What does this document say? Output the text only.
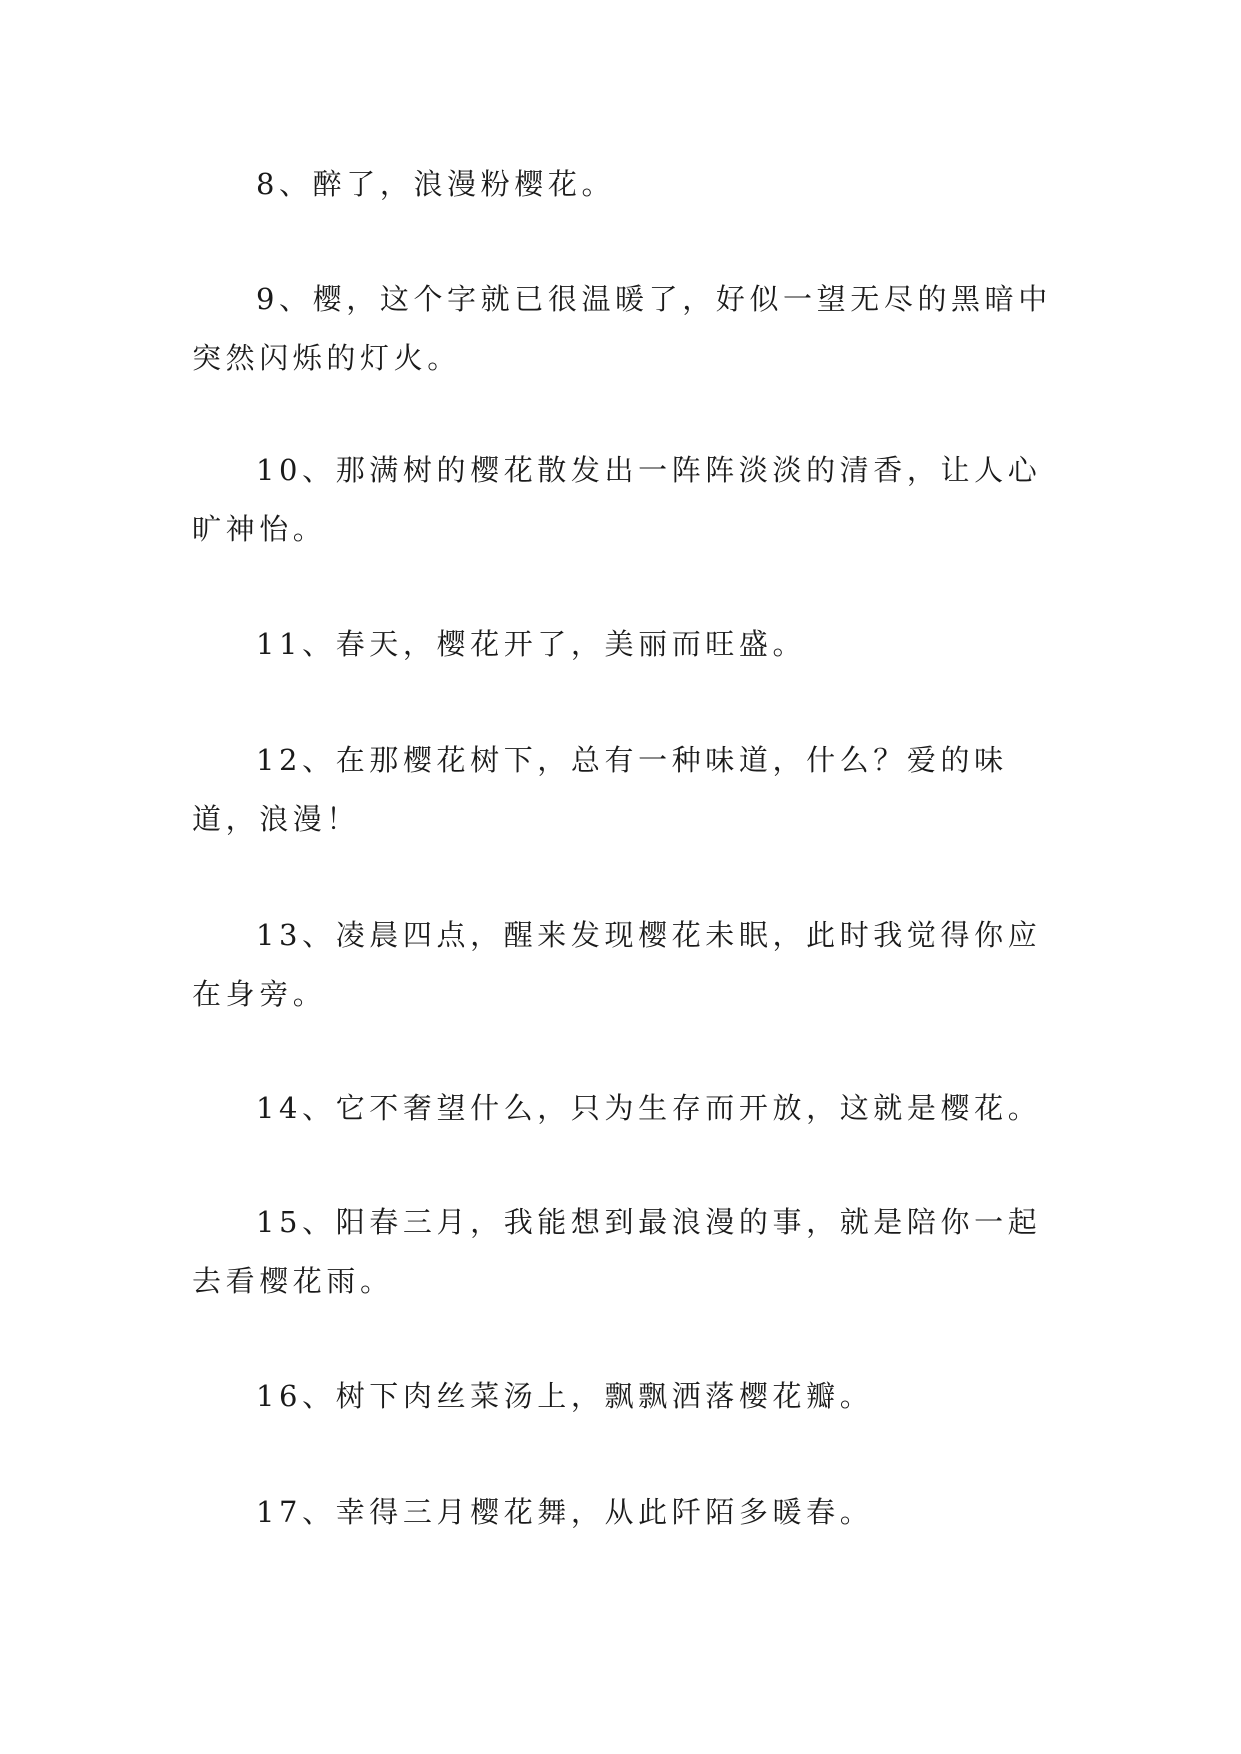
8、醉了，浪漫粉樱花。

9、樱，这个字就已很温暖了，好似一望无尽的黑暗中突然闪烁的灯火。

10、那满树的樱花散发出一阵阵淡淡的清香，让人心旷神怡。

11、春天，樱花开了，美丽而旺盛。

12、在那樱花树下，总有一种味道，什么？爱的味道，浪漫！

13、凌晨四点，醒来发现樱花未眠，此时我觉得你应在身旁。

14、它不奢望什么，只为生存而开放，这就是樱花。

15、阳春三月，我能想到最浪漫的事，就是陪你一起去看樱花雨。

16、树下肉丝菜汤上，飘飘洒落樱花瓣。

17、幸得三月樱花舞，从此阡陌多暖春。
